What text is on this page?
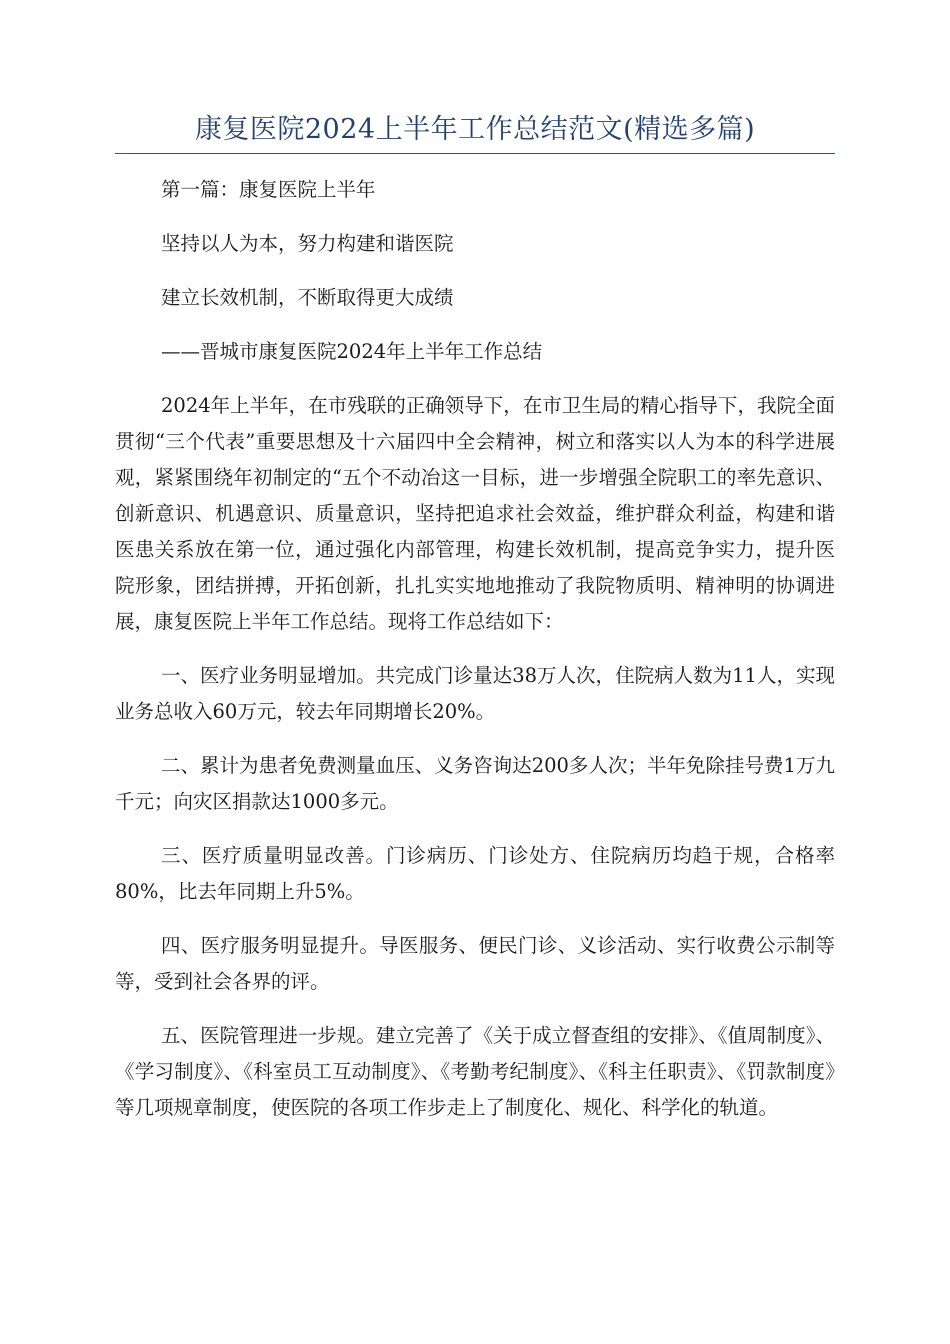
康复医院2024上半年工作总结范文(精选多篇)

第一篇：康复医院上半年

坚持以人为本，努力构建和谐医院

建立长效机制，不断取得更大成绩

——晋城市康复医院2024年上半年工作总结

2024年上半年，在市残联的正确领导下，在市卫生局的精心指导下，我院全面贯彻“三个代表”重要思想及十六届四中全会精神，树立和落实以人为本的科学进展观，紧紧围绕年初制定的“五个不动冶这一目标，进一步增强全院职工的率先意识、创新意识、机遇意识、质量意识，坚持把追求社会效益，维护群众利益，构建和谐医患关系放在第一位，通过强化内部管理，构建长效机制，提高竞争实力，提升医院形象，团结拼搏，开拓创新，扎扎实实地地推动了我院物质明、精神明的协调进展，康复医院上半年工作总结。现将工作总结如下：

一、医疗业务明显增加。共完成门诊量达38万人次，住院病人数为11人，实现业务总收入60万元，较去年同期增长20%。

二、累计为患者免费测量血压、义务咨询达200多人次；半年免除挂号费1万九千元；向灾区捐款达1000多元。

三、医疗质量明显改善。门诊病历、门诊处方、住院病历均趋于规，合格率80%，比去年同期上升5%。

四、医疗服务明显提升。导医服务、便民门诊、义诊活动、实行收费公示制等等，受到社会各界的评。

五、医院管理进一步规。建立完善了《关于成立督查组的安排》、《值周制度》、《学习制度》、《科室员工互动制度》、《考勤考纪制度》、《科主任职责》、《罚款制度》等几项规章制度，使医院的各项工作步走上了制度化、规化、科学化的轨道。
